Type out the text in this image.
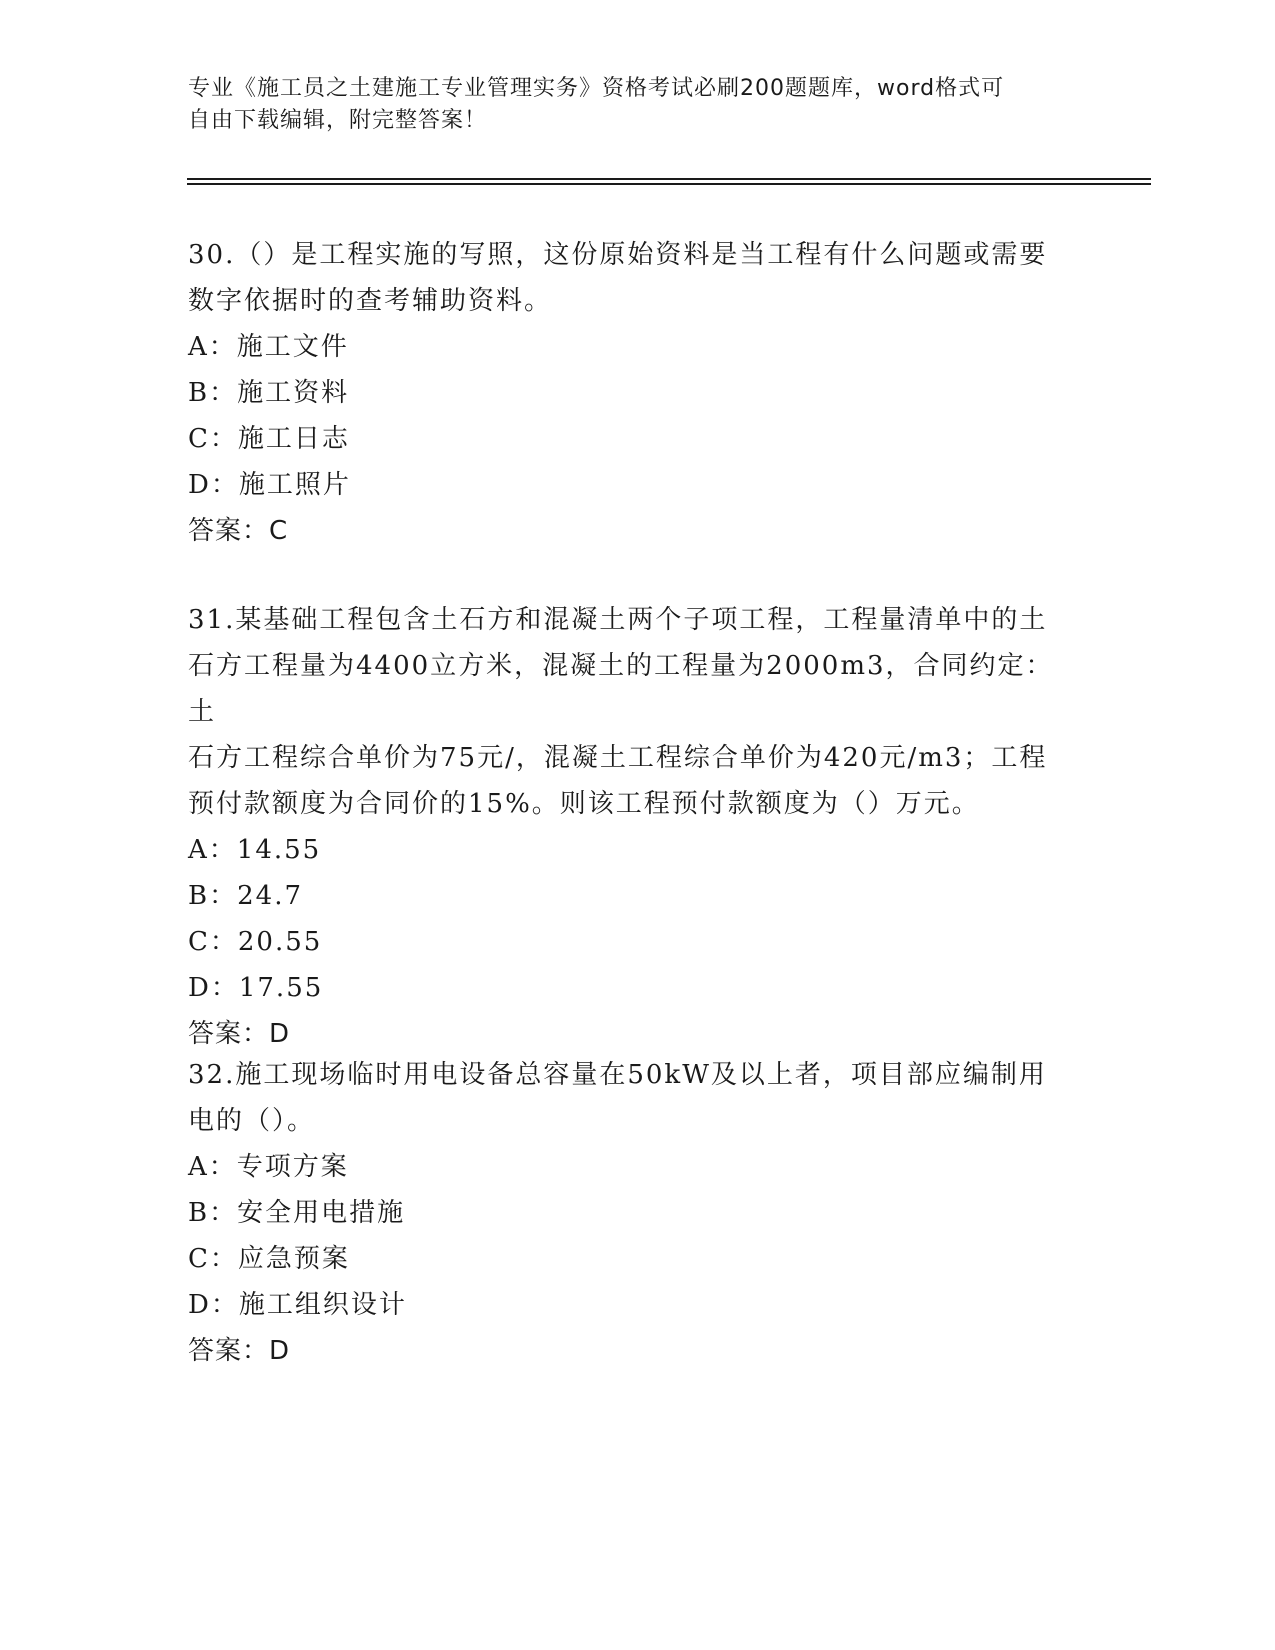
专业《施工员之土建施工专业管理实务》资格考试必刷200题题库，word格式可
自由下载编辑，附完整答案！

30.（）是工程实施的写照，这份原始资料是当工程有什么问题或需要

数字依据时的查考辅助资料。

A：施工文件

B：施工资料

C：施工日志

D：施工照片

答案：C

31.某基础工程包含土石方和混凝土两个子项工程，工程量清单中的土

石方工程量为4400立方米，混凝土的工程量为2000m3，合同约定：土

石方工程综合单价为75元/，混凝土工程综合单价为420元/m3；工程

预付款额度为合同价的15%。则该工程预付款额度为（）万元。

A：14.55

B：24.7

C：20.55

D：17.55

答案：D

32.施工现场临时用电设备总容量在50kW及以上者，项目部应编制用

电的（）。

A：专项方案

B：安全用电措施

C：应急预案

D：施工组织设计

答案：D
